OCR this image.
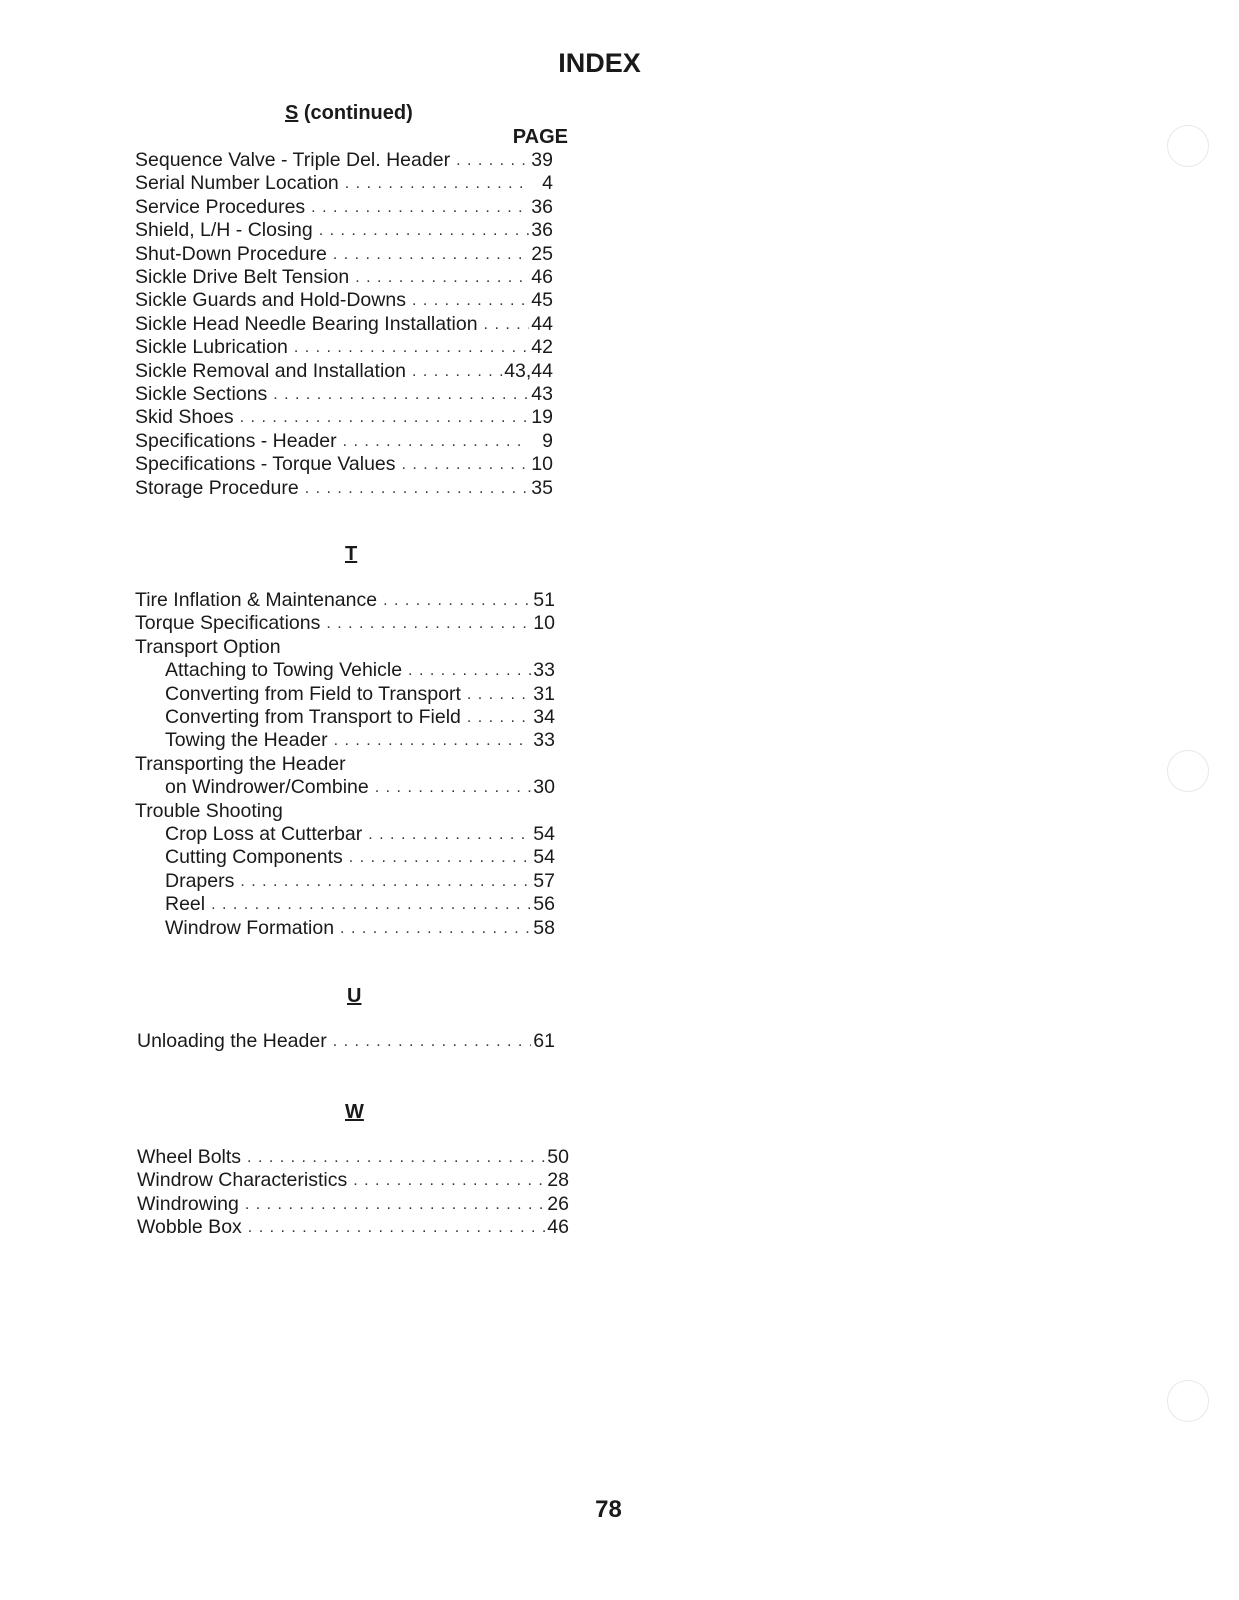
INDEX
S (continued)
PAGE
Sequence Valve - Triple Del. Header . . .	39
Serial Number Location . . .	4
Service Procedures . . .	36
Shield, L/H - Closing . . .	36
Shut-Down Procedure . . .	25
Sickle Drive Belt Tension . . .	46
Sickle Guards and Hold-Downs . . .	45
Sickle Head Needle Bearing Installation . . .	44
Sickle Lubrication . . .	42
Sickle Removal and Installation . . .	43,44
Sickle Sections . . .	43
Skid Shoes . . .	19
Specifications - Header . . .	9
Specifications - Torque Values . . .	10
Storage Procedure . . .	35
T
Tire Inflation & Maintenance . . .	51
Torque Specifications . . .	10
Transport Option
Attaching to Towing Vehicle . . .	33
Converting from Field to Transport . . .	31
Converting from Transport to Field . . .	34
Towing the Header . . .	33
Transporting the Header
on Windrower/Combine . . .	30
Trouble Shooting
Crop Loss at Cutterbar . . .	54
Cutting Components . . .	54
Drapers . . .	57
Reel . . .	56
Windrow Formation . . .	58
U
Unloading the Header . . .	61
W
Wheel Bolts . . .	50
Windrow Characteristics . . .	28
Windrowing . . .	26
Wobble Box . . .	46
78
